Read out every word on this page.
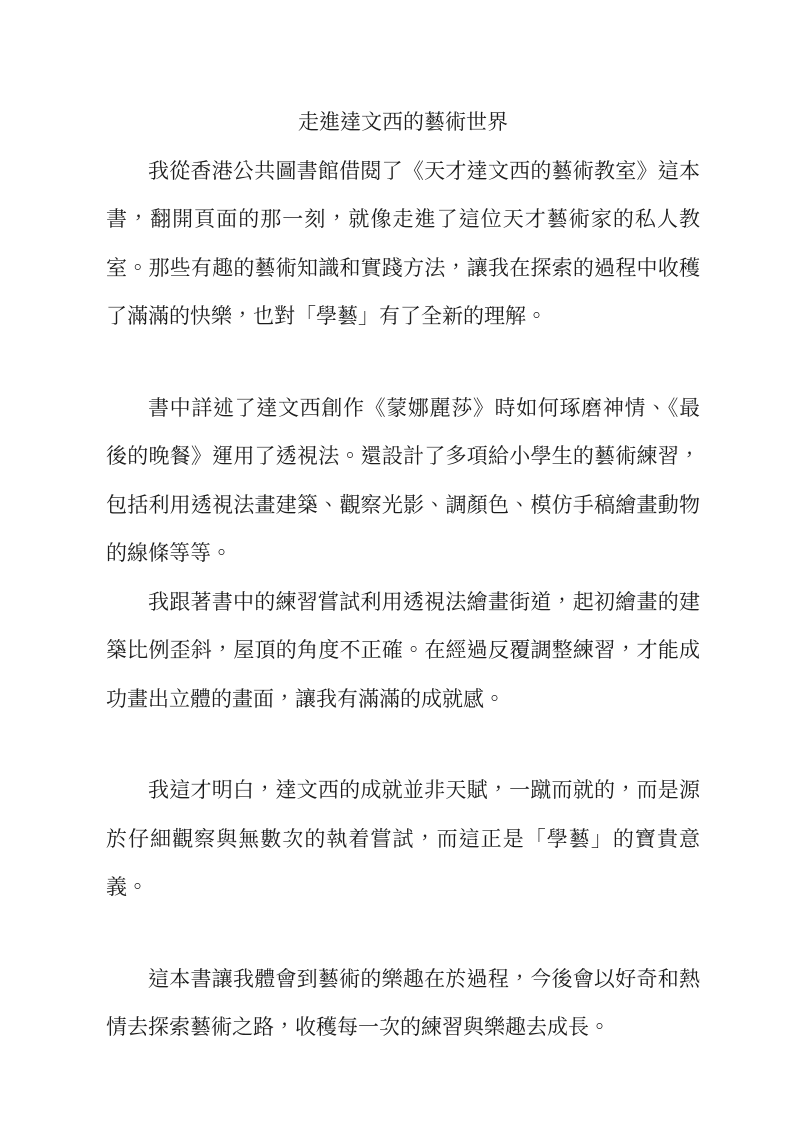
走進達文西的藝術世界

我從香港公共圖書館借閱了《天才達文西的藝術教室》這本書，翻開頁面的那一刻，就像走進了這位天才藝術家的私人教室。那些有趣的藝術知識和實踐方法，讓我在探索的過程中收穫了滿滿的快樂，也對「學藝」有了全新的理解。

書中詳述了達文西創作《蒙娜麗莎》時如何琢磨神情、《最後的晚餐》運用了透視法。還設計了多項給小學生的藝術練習，包括利用透視法畫建築、觀察光影、調顏色、模仿手稿繪畫動物的線條等等。

我跟著書中的練習嘗試利用透視法繪畫街道，起初繪畫的建築比例歪斜，屋頂的角度不正確。在經過反覆調整練習，才能成功畫出立體的畫面，讓我有滿滿的成就感。

我這才明白，達文西的成就並非天賦，一蹴而就的，而是源於仔細觀察與無數次的執着嘗試，而這正是「學藝」的寶貴意義。

這本書讓我體會到藝術的樂趣在於過程，今後會以好奇和熱情去探索藝術之路，收穫每一次的練習與樂趣去成長。
